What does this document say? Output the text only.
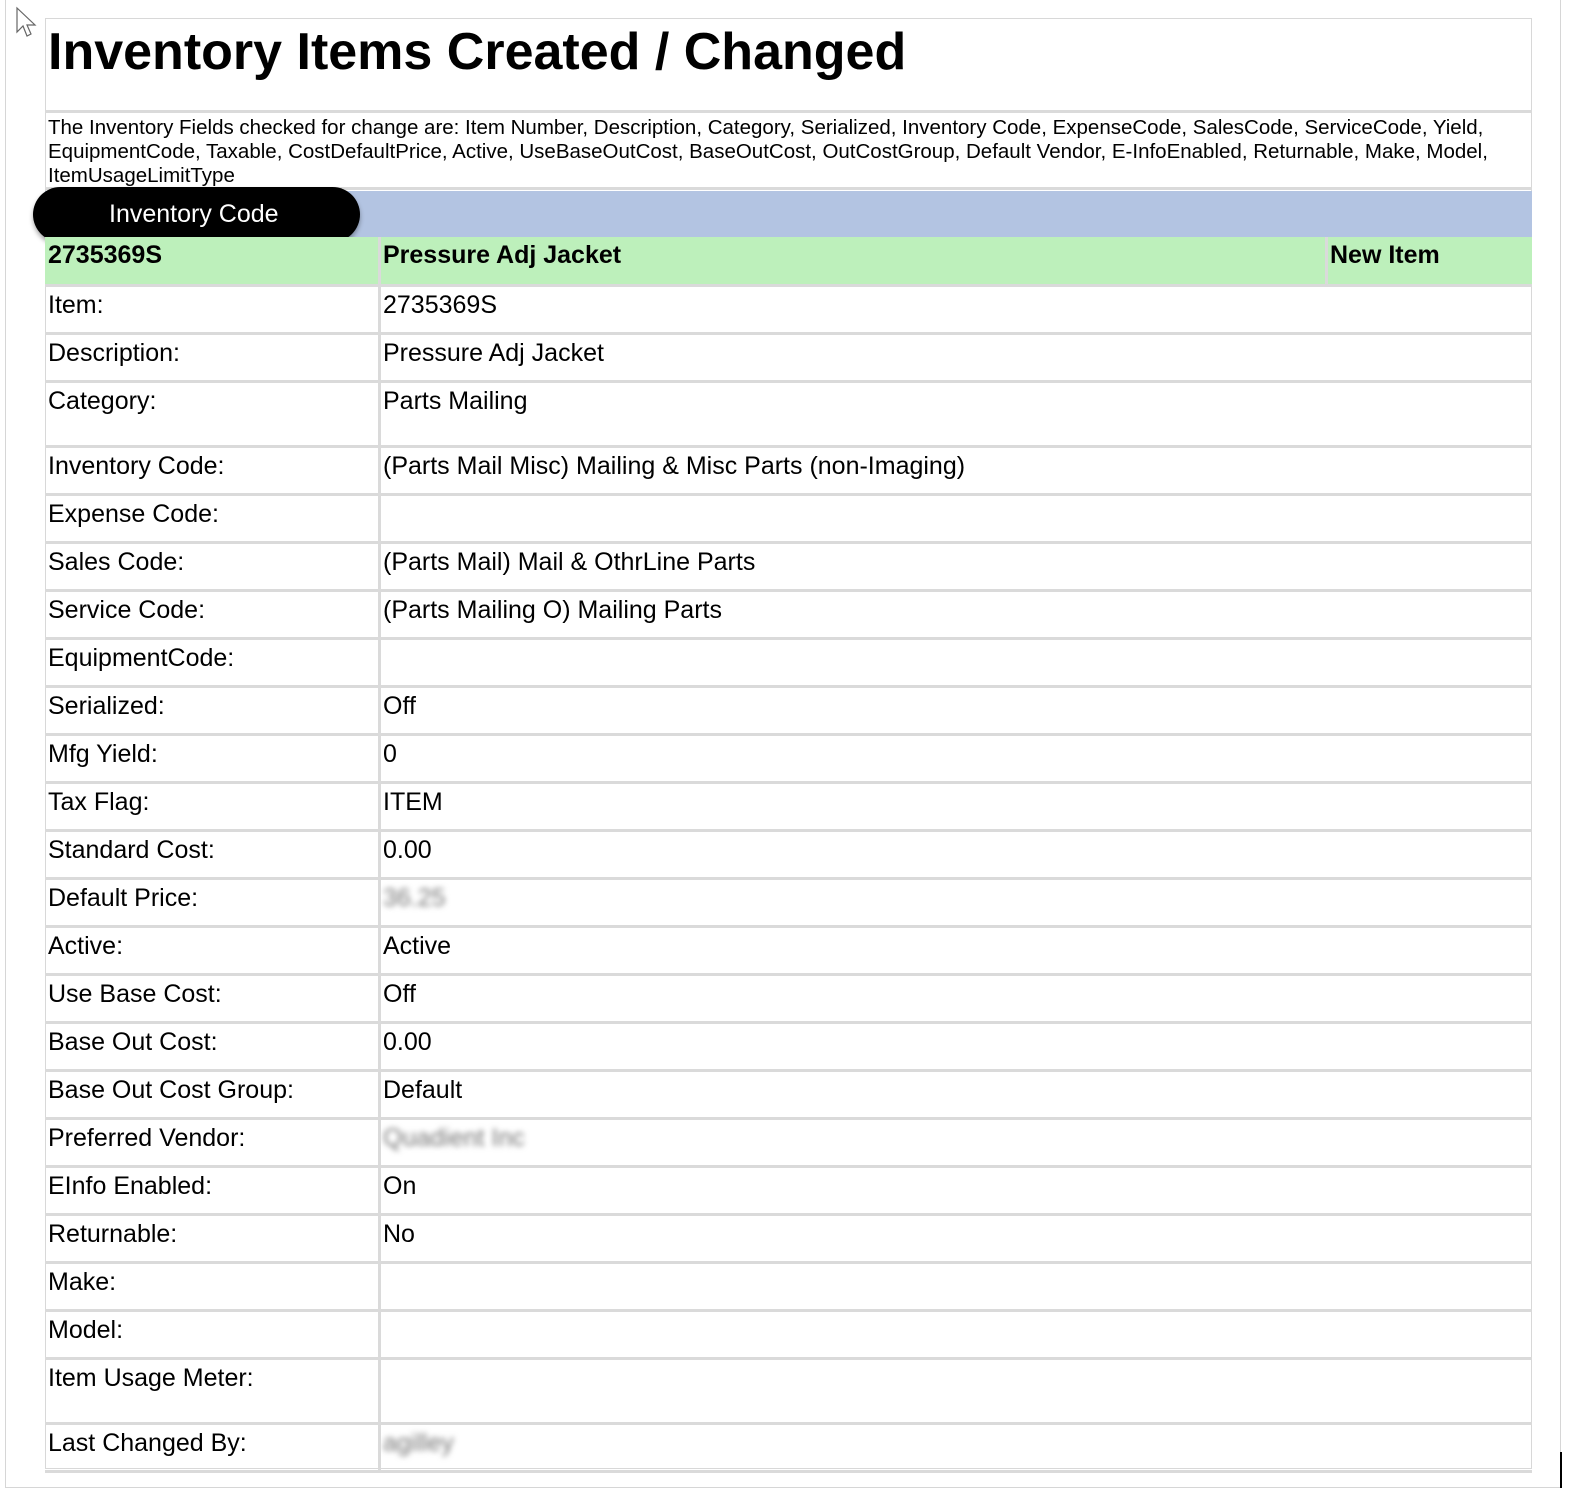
Inventory Items Created / Changed
The Inventory Fields checked for change are: Item Number, Description, Category, Serialized, Inventory Code, ExpenseCode, SalesCode, ServiceCode, Yield, EquipmentCode, Taxable, CostDefaultPrice, Active, UseBaseOutCost, BaseOutCost, OutCostGroup, Default Vendor, E-InfoEnabled, Returnable, Make, Model, ItemUsageLimitType
Inventory Code
2735369S	Pressure Adj Jacket	New Item
Item:	2735369S
Description:	Pressure Adj Jacket
Category:	Parts Mailing
Inventory Code:	(Parts Mail Misc) Mailing & Misc Parts (non-Imaging)
Expense Code:
Sales Code:	(Parts Mail) Mail & OthrLine Parts
Service Code:	(Parts Mailing O) Mailing Parts
EquipmentCode:
Serialized:	Off
Mfg Yield:	0
Tax Flag:	ITEM
Standard Cost:	0.00
Default Price:	36.25
Active:	Active
Use Base Cost:	Off
Base Out Cost:	0.00
Base Out Cost Group:	Default
Preferred Vendor:	Quadient Inc
EInfo Enabled:	On
Returnable:	No
Make:
Model:
Item Usage Meter:
Last Changed By:	agilley
